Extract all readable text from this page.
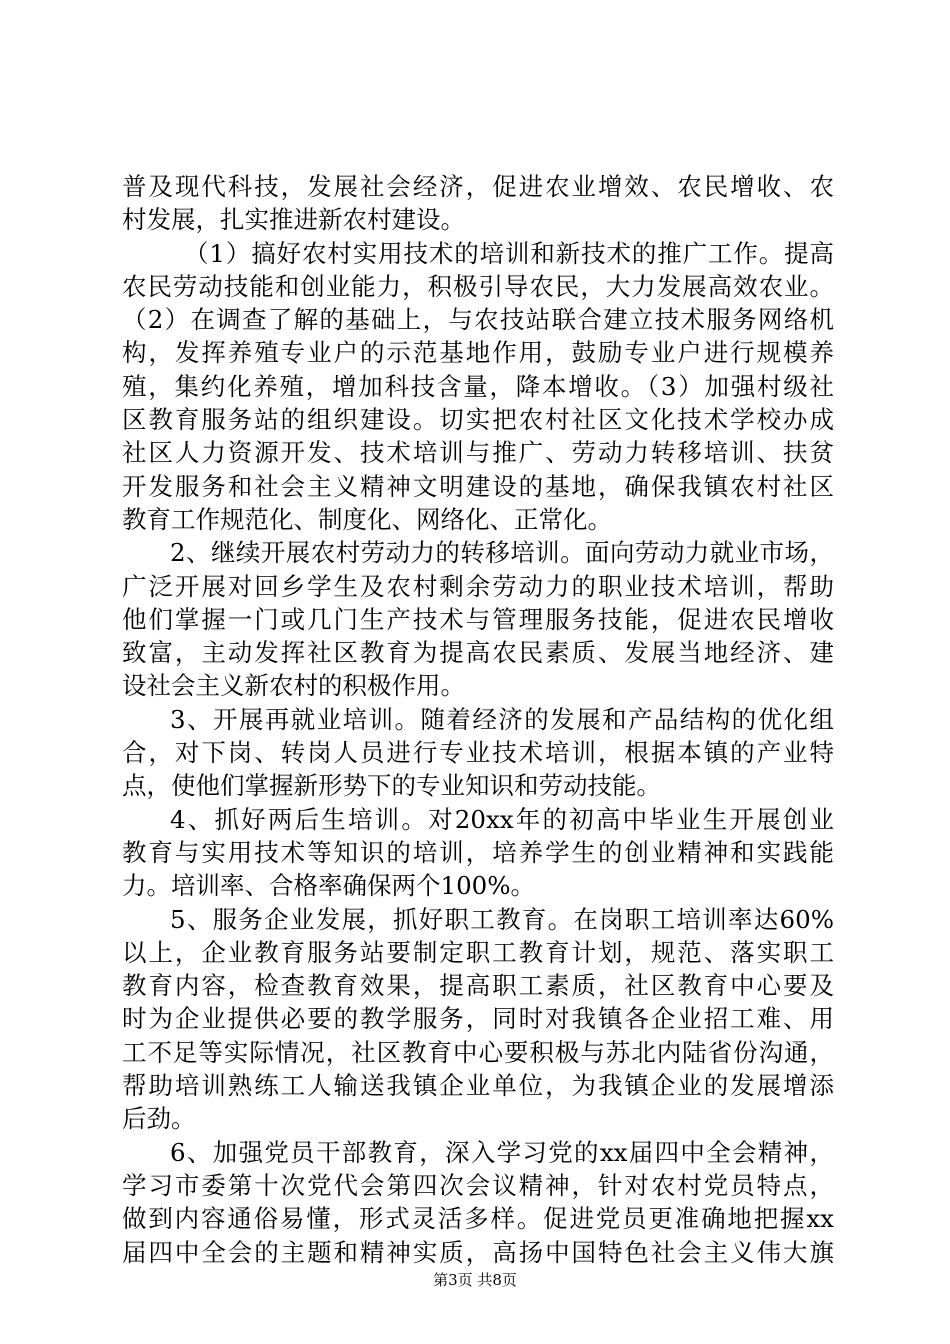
普及现代科技，发展社会经济，促进农业增效、农民增收、农
村发展，扎实推进新农村建设。
（1）搞好农村实用技术的培训和新技术的推广工作。提高
农民劳动技能和创业能力，积极引导农民，大力发展高效农业。
（2）在调查了解的基础上，与农技站联合建立技术服务网络机
构，发挥养殖专业户的示范基地作用，鼓励专业户进行规模养
殖，集约化养殖，增加科技含量，降本增收。（3）加强村级社
区教育服务站的组织建设。切实把农村社区文化技术学校办成
社区人力资源开发、技术培训与推广、劳动力转移培训、扶贫
开发服务和社会主义精神文明建设的基地，确保我镇农村社区
教育工作规范化、制度化、网络化、正常化。
2、继续开展农村劳动力的转移培训。面向劳动力就业市场，
广泛开展对回乡学生及农村剩余劳动力的职业技术培训，帮助
他们掌握一门或几门生产技术与管理服务技能，促进农民增收
致富，主动发挥社区教育为提高农民素质、发展当地经济、建
设社会主义新农村的积极作用。
3、开展再就业培训。随着经济的发展和产品结构的优化组
合，对下岗、转岗人员进行专业技术培训，根据本镇的产业特
点，使他们掌握新形势下的专业知识和劳动技能。
4、抓好两后生培训。对20xx年的初高中毕业生开展创业
教育与实用技术等知识的培训，培养学生的创业精神和实践能
力。培训率、合格率确保两个100%。
5、服务企业发展，抓好职工教育。在岗职工培训率达60%
以上，企业教育服务站要制定职工教育计划，规范、落实职工
教育内容，检查教育效果，提高职工素质，社区教育中心要及
时为企业提供必要的教学服务，同时对我镇各企业招工难、用
工不足等实际情况，社区教育中心要积极与苏北内陆省份沟通，
帮助培训熟练工人输送我镇企业单位，为我镇企业的发展增添
后劲。
6、加强党员干部教育，深入学习党的xx届四中全会精神，
学习市委第十次党代会第四次会议精神，针对农村党员特点，
做到内容通俗易懂，形式灵活多样。促进党员更准确地把握xx
届四中全会的主题和精神实质，高扬中国特色社会主义伟大旗
第3页 共8页
